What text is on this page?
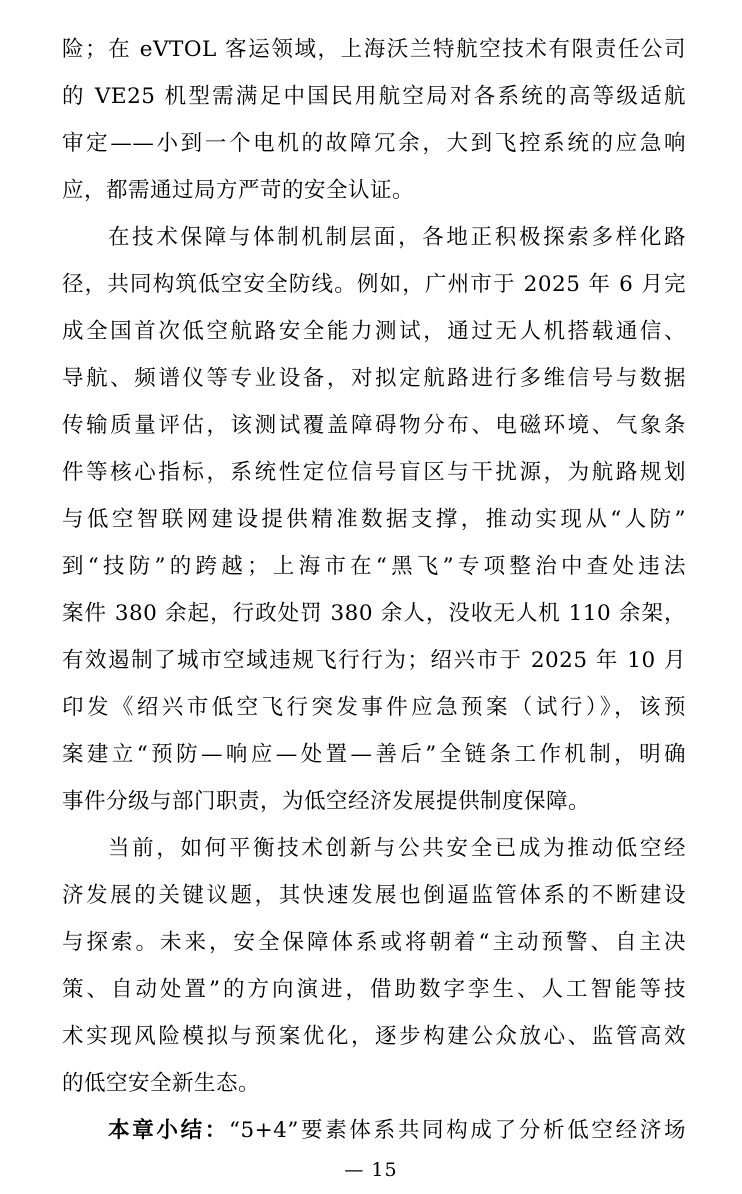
险；在 eVTOL 客运领域，上海沃兰特航空技术有限责任公司
的 VE25 机型需满足中国民用航空局对各系统的高等级适航
审定——小到一个电机的故障冗余，大到飞控系统的应急响
应，都需通过局方严苛的安全认证。
在技术保障与体制机制层面，各地正积极探索多样化路
径，共同构筑低空安全防线。例如，广州市于 2025 年 6 月完
成全国首次低空航路安全能力测试，通过无人机搭载通信、
导航、频谱仪等专业设备，对拟定航路进行多维信号与数据
传输质量评估，该测试覆盖障碍物分布、电磁环境、气象条
件等核心指标，系统性定位信号盲区与干扰源，为航路规划
与低空智联网建设提供精准数据支撑，推动实现从“人防”
到“技防”的跨越；上海市在“黑飞”专项整治中查处违法
案件 380 余起，行政处罚 380 余人，没收无人机 110 余架，
有效遏制了城市空域违规飞行行为；绍兴市于 2025 年 10 月
印发《绍兴市低空飞行突发事件应急预案（试行）》，该预
案建立“预防—响应—处置—善后”全链条工作机制，明确
事件分级与部门职责，为低空经济发展提供制度保障。
当前，如何平衡技术创新与公共安全已成为推动低空经
济发展的关键议题，其快速发展也倒逼监管体系的不断建设
与探索。未来，安全保障体系或将朝着“主动预警、自主决
策、自动处置”的方向演进，借助数字孪生、人工智能等技
术实现风险模拟与预案优化，逐步构建公众放心、监管高效
的低空安全新生态。
本章小结：“5+4”要素体系共同构成了分析低空经济场
— 15
